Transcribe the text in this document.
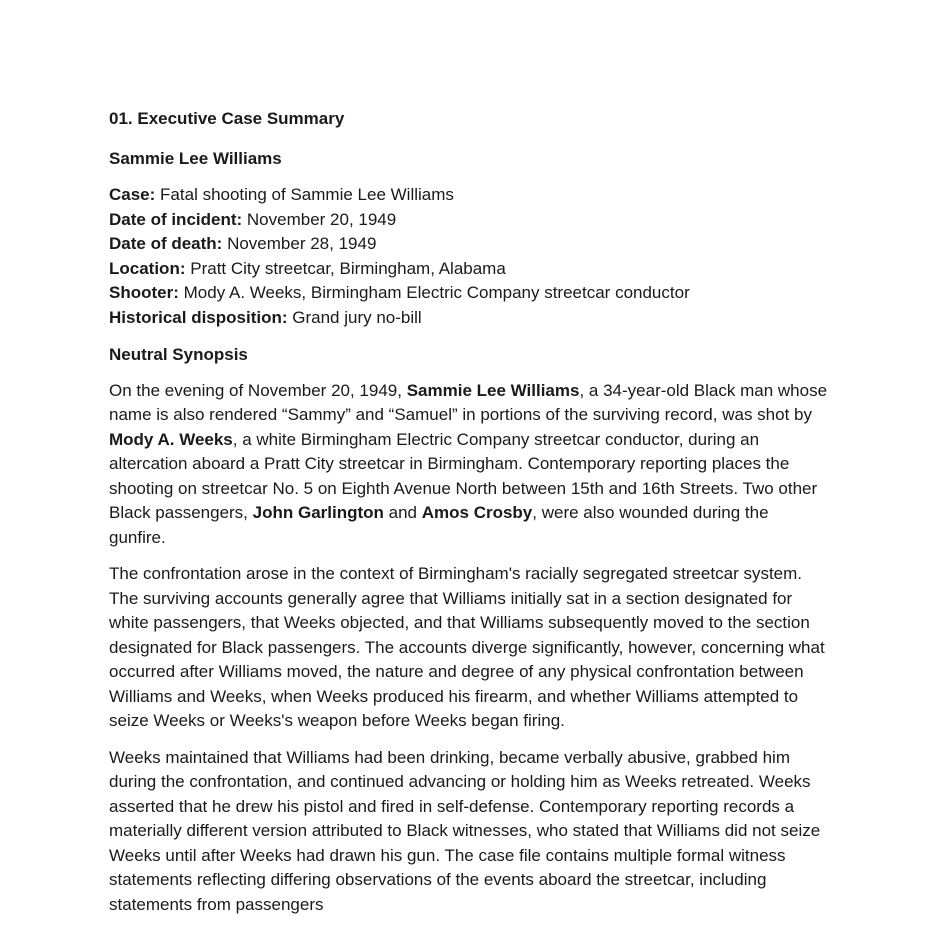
01. Executive Case Summary
Sammie Lee Williams
Case: Fatal shooting of Sammie Lee Williams
Date of incident: November 20, 1949
Date of death: November 28, 1949
Location: Pratt City streetcar, Birmingham, Alabama
Shooter: Mody A. Weeks, Birmingham Electric Company streetcar conductor
Historical disposition: Grand jury no-bill
Neutral Synopsis

On the evening of November 20, 1949, Sammie Lee Williams, a 34-year-old Black man whose name is also rendered “Sammy” and “Samuel” in portions of the surviving record, was shot by Mody A. Weeks, a white Birmingham Electric Company streetcar conductor, during an altercation aboard a Pratt City streetcar in Birmingham. Contemporary reporting places the shooting on streetcar No. 5 on Eighth Avenue North between 15th and 16th Streets. Two other Black passengers, John Garlington and Amos Crosby, were also wounded during the gunfire.

The confrontation arose in the context of Birmingham's racially segregated streetcar system. The surviving accounts generally agree that Williams initially sat in a section designated for white passengers, that Weeks objected, and that Williams subsequently moved to the section designated for Black passengers. The accounts diverge significantly, however, concerning what occurred after Williams moved, the nature and degree of any physical confrontation between Williams and Weeks, when Weeks produced his firearm, and whether Williams attempted to seize Weeks or Weeks's weapon before Weeks began firing.

Weeks maintained that Williams had been drinking, became verbally abusive, grabbed him during the confrontation, and continued advancing or holding him as Weeks retreated. Weeks asserted that he drew his pistol and fired in self-defense. Contemporary reporting records a materially different version attributed to Black witnesses, who stated that Williams did not seize Weeks until after Weeks had drawn his gun. The case file contains multiple formal witness statements reflecting differing observations of the events aboard the streetcar, including statements from passengers
